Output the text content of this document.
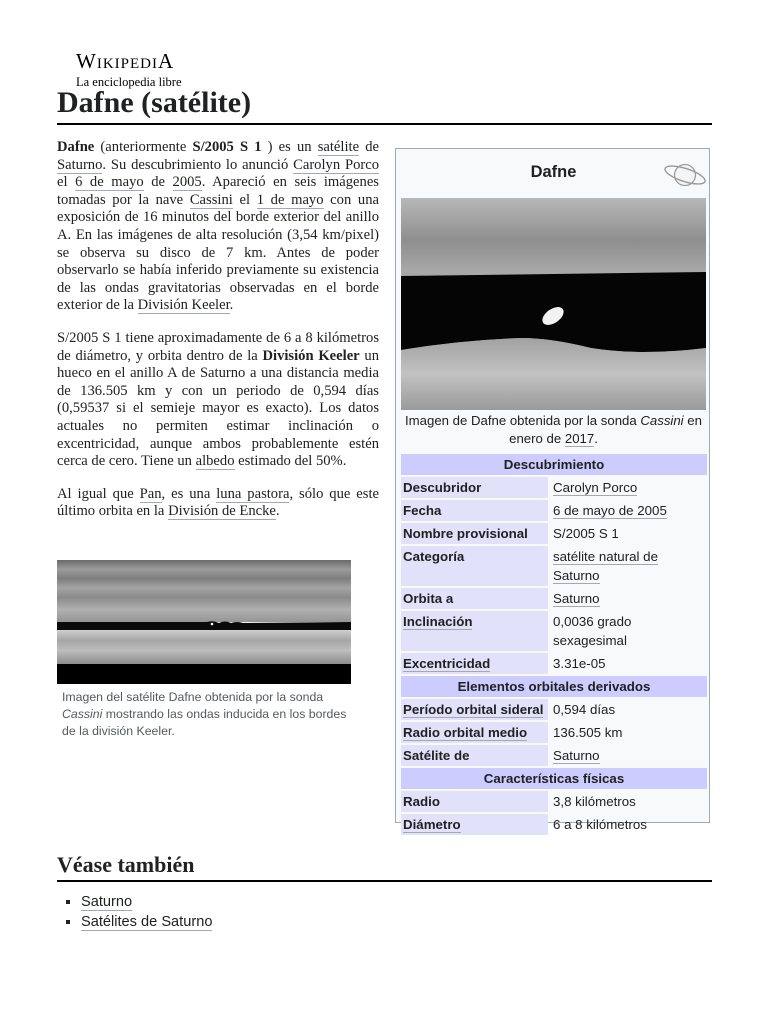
WIKIPEDIA
La enciclopedia libre
Dafne (satélite)

Dafne (anteriormente S/2005 S 1 ) es un satélite de Saturno. Su descubrimiento lo anunció Carolyn Porco el 6 de mayo de 2005. Apareció en seis imágenes tomadas por la nave Cassini el 1 de mayo con una exposición de 16 minutos del borde exterior del anillo A. En las imágenes de alta resolución (3,54 km/pixel) se observa su disco de 7 km. Antes de poder observarlo se había inferido previamente su existencia de las ondas gravitatorias observadas en el borde exterior de la División Keeler.

S/2005 S 1 tiene aproximadamente de 6 a 8 kilómetros de diámetro, y orbita dentro de la División Keeler un hueco en el anillo A de Saturno a una distancia media de 136.505 km y con un periodo de 0,594 días (0,59537 si el semieje mayor es exacto). Los datos actuales no permiten estimar inclinación o excentricidad, aunque ambos probablemente estén cerca de cero. Tiene un albedo estimado del 50%.

Al igual que Pan, es una luna pastora, sólo que este último orbita en la División de Encke.

Imagen del satélite Dafne obtenida por la sonda Cassini mostrando las ondas inducida en los bordes de la división Keeler.
Dafne
Imagen de Dafne obtenida por la sonda Cassini en enero de 2017.
Descubrimiento	
Descubridor	Carolyn Porco
Fecha	6 de mayo de 2005
Nombre provisional	S/2005 S 1
Categoría	satélite natural de Saturno
Orbita a	Saturno
Inclinación	0,0036 grado sexagesimal
Excentricidad	3.31e-05
Elementos orbitales derivados	
Período orbital sideral	0,594 días
Radio orbital medio	136.505 km
Satélite de	Saturno
Características físicas	
Radio	3,8 kilómetros
Diámetro	6 a 8 kilómetros
Véase también
▪ Saturno
▪ Satélites de Saturno
